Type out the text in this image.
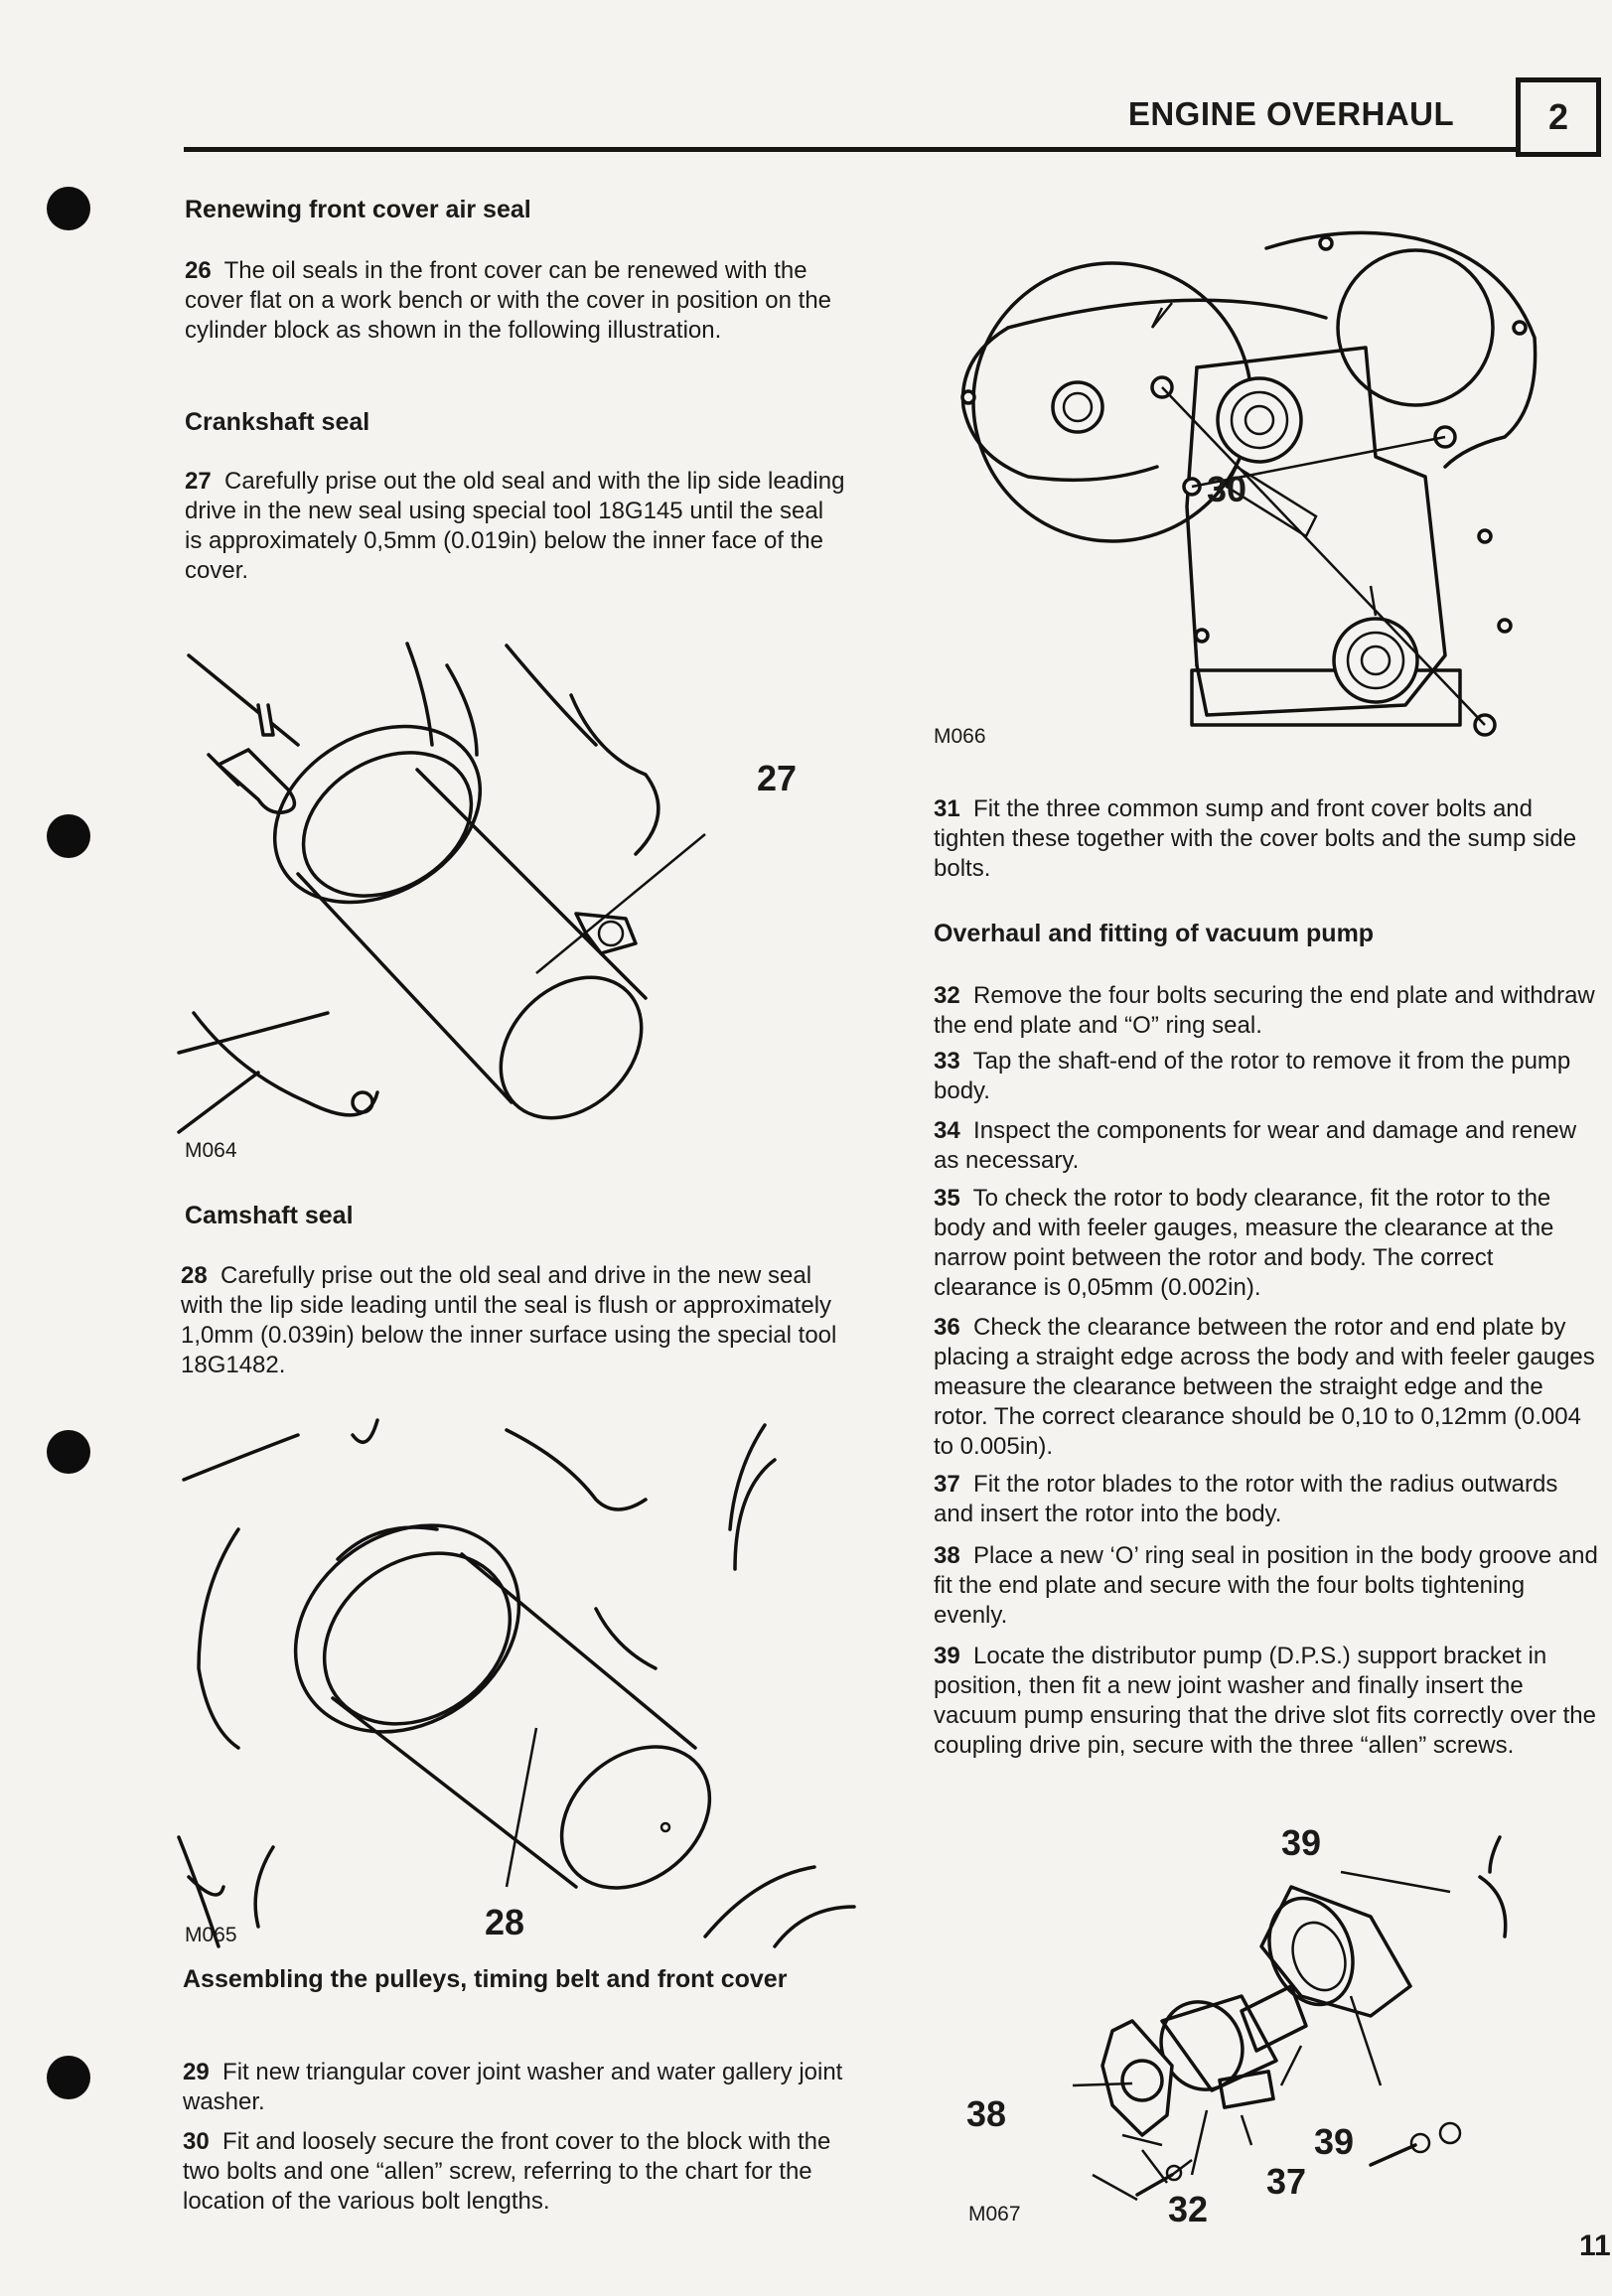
ENGINE OVERHAUL	2
Renewing front cover air seal

26 The oil seals in the front cover can be renewed with the cover flat on a work bench or with the cover in position on the cylinder block as shown in the following illustration.

Crankshaft seal

27 Carefully prise out the old seal and with the lip side leading drive in the new seal using special tool 18G145 until the seal is approximately 0,5mm (0.019in) below the inner face of the cover.

27
M064
Camshaft seal

28 Carefully prise out the old seal and drive in the new seal with the lip side leading until the seal is flush or approximately 1,0mm (0.039in) below the inner surface using the special tool 18G1482.

28
M065
Assembling the pulleys, timing belt and front cover

29 Fit new triangular cover joint washer and water gallery joint washer.

30 Fit and loosely secure the front cover to the block with the two bolts and one “allen” screw, referring to the chart for the location of the various bolt lengths.

30
M066

31 Fit the three common sump and front cover bolts and tighten these together with the cover bolts and the sump side bolts.

Overhaul and fitting of vacuum pump

32 Remove the four bolts securing the end plate and withdraw the end plate and “O” ring seal.

33 Tap the shaft-end of the rotor to remove it from the pump body.

34 Inspect the components for wear and damage and renew as necessary.

35 To check the rotor to body clearance, fit the rotor to the body and with feeler gauges, measure the clearance at the narrow point between the rotor and body. The correct clearance is 0,05mm (0.002in).

36 Check the clearance between the rotor and end plate by placing a straight edge across the body and with feeler gauges measure the clearance between the straight edge and the rotor. The correct clearance should be 0,10 to 0,12mm (0.004 to 0.005in).

37 Fit the rotor blades to the rotor with the radius outwards and insert the rotor into the body.

38 Place a new ‘O’ ring seal in position in the body groove and fit the end plate and secure with the four bolts tightening evenly.

39 Locate the distributor pump (D.P.S.) support bracket in position, then fit a new joint washer and finally insert the vacuum pump ensuring that the drive slot fits correctly over the coupling drive pin, secure with the three “allen” screws.

39
38
39
37
32
M067
11
